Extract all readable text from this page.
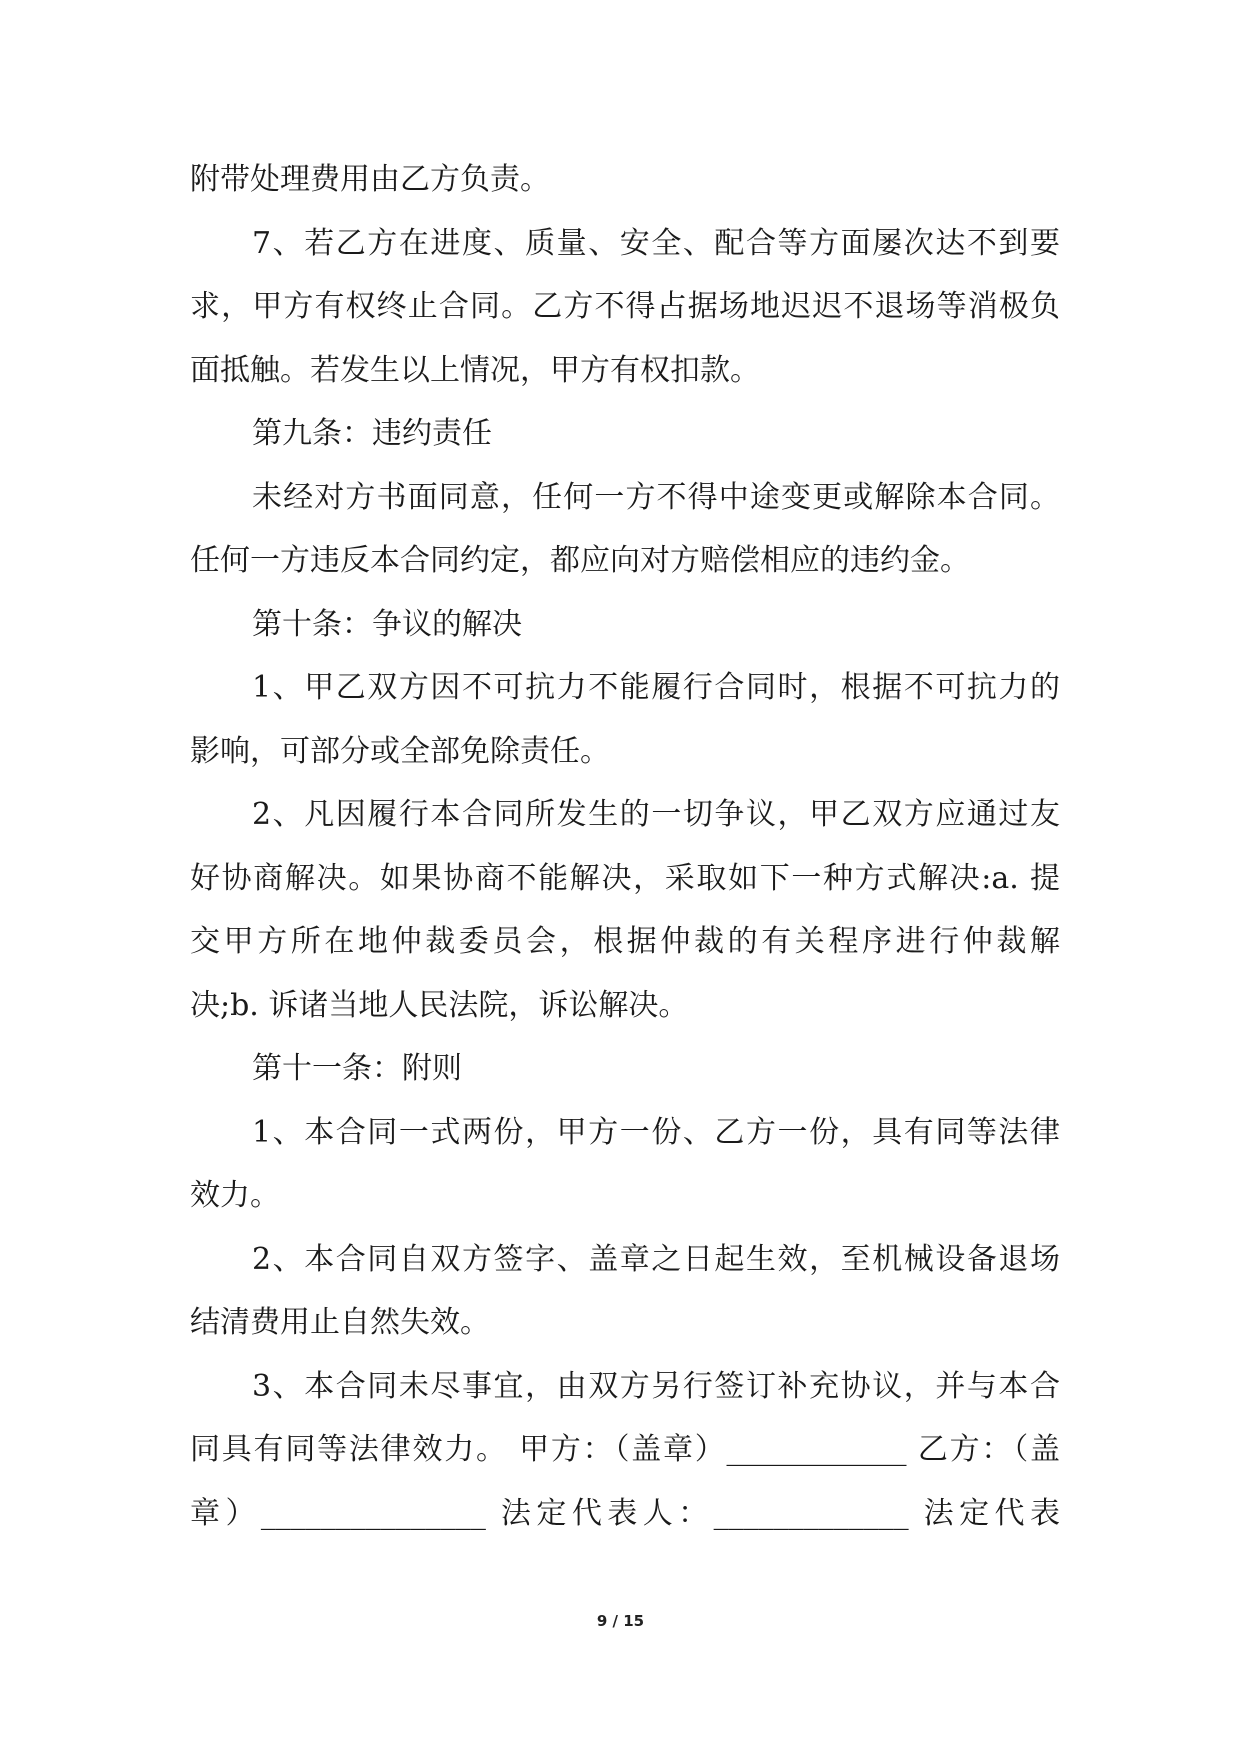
附带处理费用由乙方负责。
7、若乙方在进度、质量、安全、配合等方面屡次达不到要
求，甲方有权终止合同。乙方不得占据场地迟迟不退场等消极负
面抵触。若发生以上情况，甲方有权扣款。
第九条：违约责任
未经对方书面同意，任何一方不得中途变更或解除本合同。
任何一方违反本合同约定，都应向对方赔偿相应的违约金。
第十条：争议的解决
1、甲乙双方因不可抗力不能履行合同时，根据不可抗力的
影响，可部分或全部免除责任。
2、凡因履行本合同所发生的一切争议，甲乙双方应通过友
好协商解决。如果协商不能解决，采取如下一种方式解决:a. 提
交甲方所在地仲裁委员会，根据仲裁的有关程序进行仲裁解
决;b. 诉诸当地人民法院，诉讼解决。
第十一条：附则
1、本合同一式两份，甲方一份、乙方一份，具有同等法律
效力。
2、本合同自双方签字、盖章之日起生效，至机械设备退场
结清费用止自然失效。
3、本合同未尽事宜，由双方另行签订补充协议，并与本合
同具有同等法律效力。 甲方：（盖章）____________ 乙方：（盖
章）_______________ 法定代表人：_____________ 法定代表
9 / 15
